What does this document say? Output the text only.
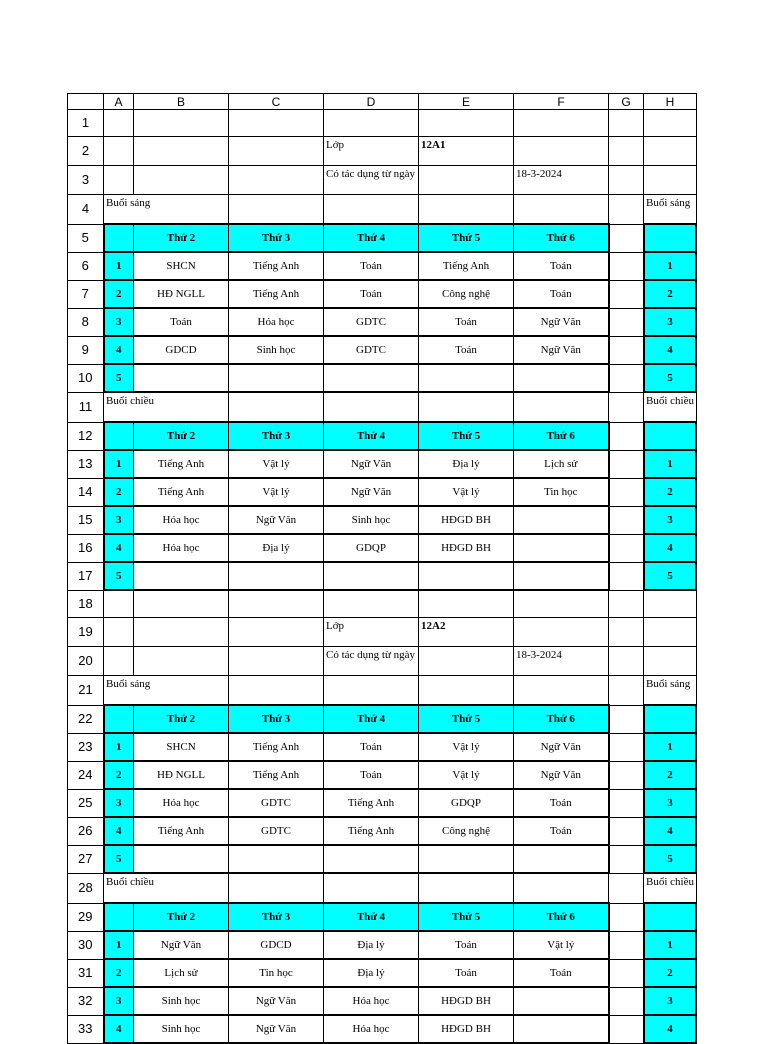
	A	B	C	D	E	F	G	H
1								
2				Lớp	12A1			
3				Có tác dụng từ ngày		18-3-2024		
4	Buổi sáng							Buổi sáng
5		Thứ 2	Thứ 3	Thứ 4	Thứ 5	Thứ 6		
6	1	SHCN	Tiếng Anh	Toán	Tiếng Anh	Toán		1
7	2	HĐ NGLL	Tiếng Anh	Toán	Công nghệ	Toán		2
8	3	Toán	Hóa học	GDTC	Toán	Ngữ Văn		3
9	4	GDCD	Sinh học	GDTC	Toán	Ngữ Văn		4
10	5							5
11	Buổi chiều							Buổi chiều
12		Thứ 2	Thứ 3	Thứ 4	Thứ 5	Thứ 6		
13	1	Tiếng Anh	Vật lý	Ngữ Văn	Địa lý	Lịch sử		1
14	2	Tiếng Anh	Vật lý	Ngữ Văn	Vật lý	Tin học		2
15	3	Hóa học	Ngữ Văn	Sinh học	HĐGD BH			3
16	4	Hóa học	Địa lý	GDQP	HĐGD BH			4
17	5							5
18								
19				Lớp	12A2			
20				Có tác dụng từ ngày		18-3-2024		
21	Buổi sáng							Buổi sáng
22		Thứ 2	Thứ 3	Thứ 4	Thứ 5	Thứ 6		
23	1	SHCN	Tiếng Anh	Toán	Vật lý	Ngữ Văn		1
24	2	HĐ NGLL	Tiếng Anh	Toán	Vật lý	Ngữ Văn		2
25	3	Hóa học	GDTC	Tiếng Anh	GDQP	Toán		3
26	4	Tiếng Anh	GDTC	Tiếng Anh	Công nghệ	Toán		4
27	5							5
28	Buổi chiều							Buổi chiều
29		Thứ 2	Thứ 3	Thứ 4	Thứ 5	Thứ 6		
30	1	Ngữ Văn	GDCD	Địa lý	Toán	Vật lý		1
31	2	Lịch sử	Tin học	Địa lý	Toán	Toán		2
32	3	Sinh học	Ngữ Văn	Hóa học	HĐGD BH			3
33	4	Sinh học	Ngữ Văn	Hóa học	HĐGD BH			4
